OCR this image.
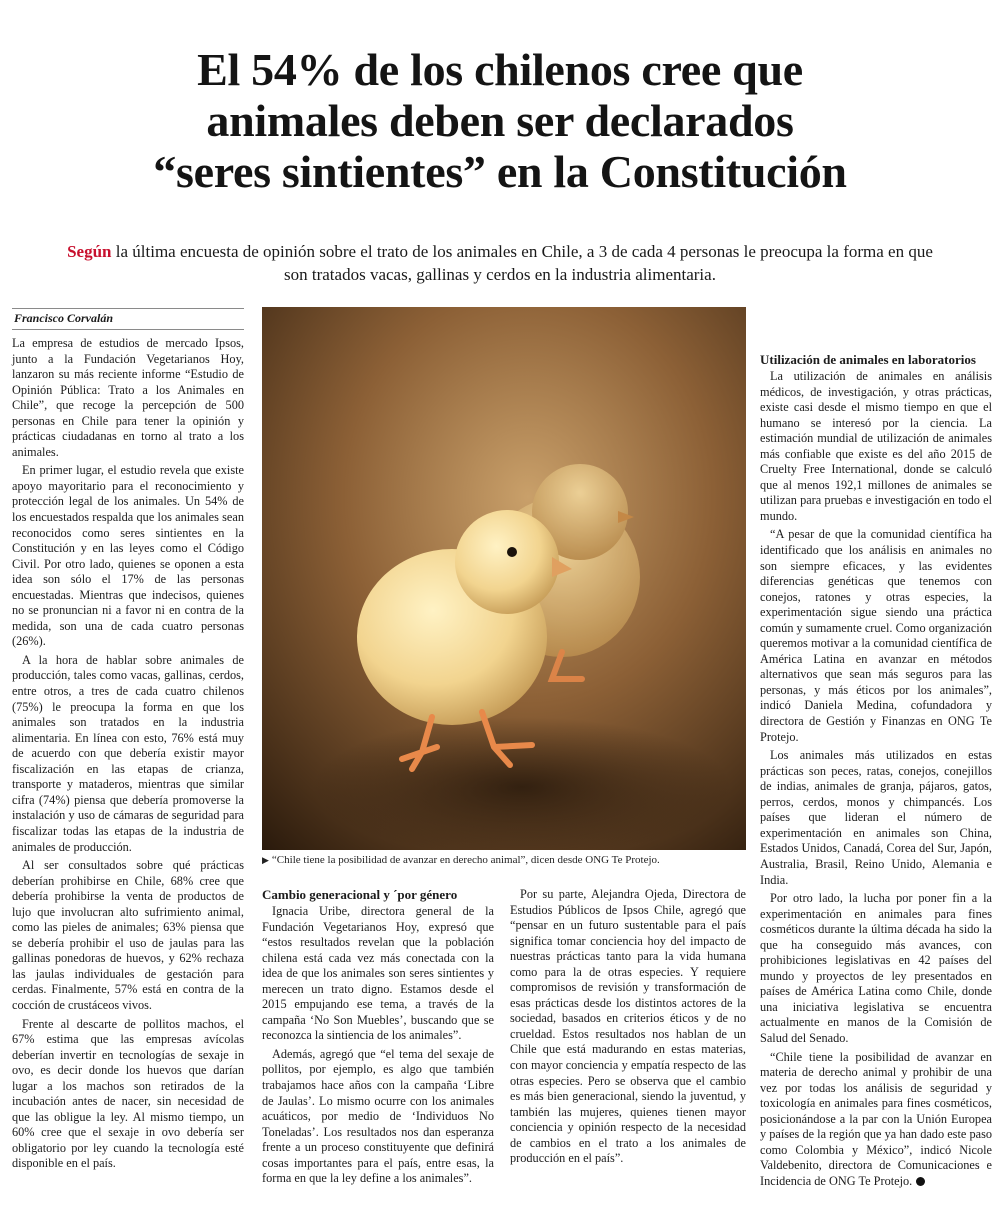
El 54% de los chilenos cree que
animales deben ser declarados
“seres sintientes” en la Constitución
Según la última encuesta de opinión sobre el trato de los animales en Chile, a 3 de cada 4 personas le preocupa la forma en que
son tratados vacas, gallinas y cerdos en la industria alimentaria.
Francisco Corvalán

La empresa de estudios de mercado Ipsos, junto a la Fundación Vegetarianos Hoy, lanzaron su más reciente informe “Estudio de Opinión Pública: Trato a los Animales en Chile”, que recoge la percepción de 500 personas en Chile para tener la opinión y prácticas ciudadanas en torno al trato a los animales.

En primer lugar, el estudio revela que existe apoyo mayoritario para el reconocimiento y protección legal de los animales. Un 54% de los encuestados respalda que los animales sean reconocidos como seres sintientes en la Constitución y en las leyes como el Código Civil. Por otro lado, quienes se oponen a esta idea son sólo el 17% de las personas encuestadas. Mientras que indecisos, quienes no se pronuncian ni a favor ni en contra de la medida, son una de cada cuatro personas (26%).

A la hora de hablar sobre animales de producción, tales como vacas, gallinas, cerdos, entre otros, a tres de cada cuatro chilenos (75%) le preocupa la forma en que los animales son tratados en la industria alimentaria. En línea con esto, 76% está muy de acuerdo con que debería existir mayor fiscalización en las etapas de crianza, transporte y mataderos, mientras que similar cifra (74%) piensa que debería promoverse la instalación y uso de cámaras de seguridad para fiscalizar todas las etapas de la industria de animales de producción.

Al ser consultados sobre qué prácticas deberían prohibirse en Chile, 68% cree que debería prohibirse la venta de productos de lujo que involucran alto sufrimiento animal, como las pieles de animales; 63% piensa que se debería prohibir el uso de jaulas para las gallinas ponedoras de huevos, y 62% rechaza las jaulas individuales de gestación para cerdas. Finalmente, 57% está en contra de la cocción de crustáceos vivos.

Frente al descarte de pollitos machos, el 67% estima que las empresas avícolas deberían invertir en tecnologías de sexaje in ovo, es decir donde los huevos que darían lugar a los machos son retirados de la incubación antes de nacer, sin necesidad de que las obligue la ley. Al mismo tiempo, un 60% cree que el sexaje in ovo debería ser obligatorio por ley cuando la tecnología esté disponible en el país.

▶ “Chile tiene la posibilidad de avanzar en derecho animal”, dicen desde ONG Te Protejo.
Cambio generacional y ´por género

Ignacia Uribe, directora general de la Fundación Vegetarianos Hoy, expresó que “estos resultados revelan que la población chilena está cada vez más conectada con la idea de que los animales son seres sintientes y merecen un trato digno. Estamos desde el 2015 empujando ese tema, a través de la campaña ‘No Son Muebles’, buscando que se reconozca la sintiencia de los animales”.

Además, agregó que “el tema del sexaje de pollitos, por ejemplo, es algo que también trabajamos hace años con la campaña ‘Libre de Jaulas’. Lo mismo ocurre con los animales acuáticos, por medio de ‘Individuos No Toneladas’. Los resultados nos dan esperanza frente a un proceso constituyente que definirá cosas importantes para el país, entre esas, la forma en que la ley define a los animales”.

Por su parte, Alejandra Ojeda, Directora de Estudios Públicos de Ipsos Chile, agregó que “pensar en un futuro sustentable para el país significa tomar conciencia hoy del impacto de nuestras prácticas tanto para la vida humana como para la de otras especies. Y requiere compromisos de revisión y transformación de esas prácticas desde los distintos actores de la sociedad, basados en criterios éticos y de no crueldad. Estos resultados nos hablan de un Chile que está madurando en estas materias, con mayor conciencia y empatía respecto de las otras especies. Pero se observa que el cambio es más bien generacional, siendo la juventud, y también las mujeres, quienes tienen mayor conciencia y opinión respecto de la necesidad de cambios en el trato a los animales de producción en el país”.

Utilización de animales en laboratorios

La utilización de animales en análisis médicos, de investigación, y otras prácticas, existe casi desde el mismo tiempo en que el humano se interesó por la ciencia. La estimación mundial de utilización de animales más confiable que existe es del año 2015 de Cruelty Free International, donde se calculó que al menos 192,1 millones de animales se utilizan para pruebas e investigación en todo el mundo.

“A pesar de que la comunidad científica ha identificado que los análisis en animales no son siempre eficaces, y las evidentes diferencias genéticas que tenemos con conejos, ratones y otras especies, la experimentación sigue siendo una práctica común y sumamente cruel. Como organización queremos motivar a la comunidad científica de América Latina en avanzar en métodos alternativos que sean más seguros para las personas, y más éticos por los animales”, indicó Daniela Medina, cofundadora y directora de Gestión y Finanzas en ONG Te Protejo.

Los animales más utilizados en estas prácticas son peces, ratas, conejos, conejillos de indias, animales de granja, pájaros, gatos, perros, cerdos, monos y chimpancés. Los países que lideran el número de experimentación en animales son China, Estados Unidos, Canadá, Corea del Sur, Japón, Australia, Brasil, Reino Unido, Alemania e India.

Por otro lado, la lucha por poner fin a la experimentación en animales para fines cosméticos durante la última década ha sido la que ha conseguido más avances, con prohibiciones legislativas en 42 países del mundo y proyectos de ley presentados en países de América Latina como Chile, donde una iniciativa legislativa se encuentra actualmente en manos de la Comisión de Salud del Senado.

“Chile tiene la posibilidad de avanzar en materia de derecho animal y prohibir de una vez por todas los análisis de seguridad y toxicología en animales para fines cosméticos, posicionándose a la par con la Unión Europea y países de la región que ya han dado este paso como Colombia y México”, indicó Nicole Valdebenito, directora de Comunicaciones e Incidencia de ONG Te Protejo.
